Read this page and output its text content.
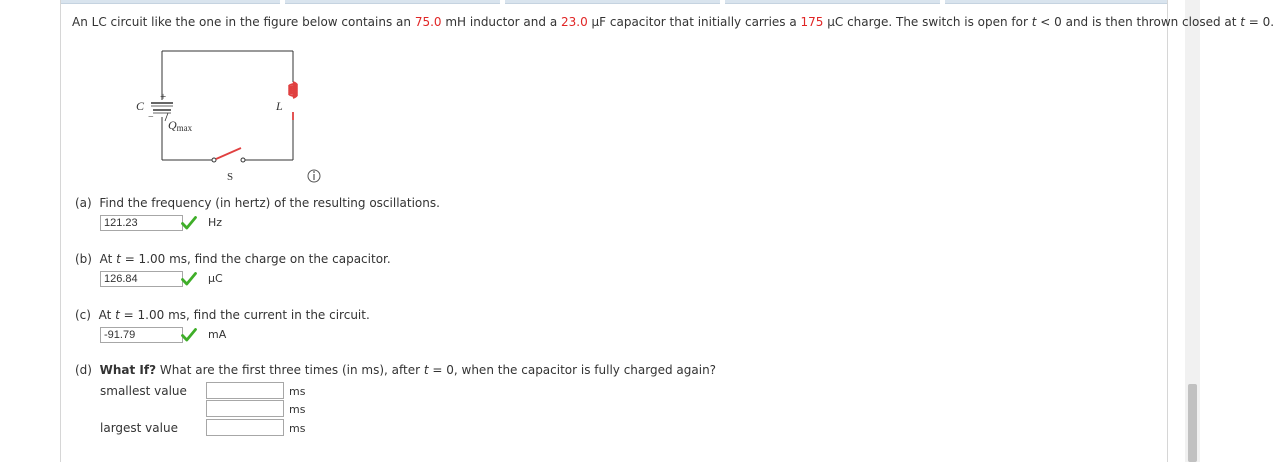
An LC circuit like the one in the figure below contains an 75.0 mH inductor and a 23.0 μF capacitor that initially carries a 175 μC charge. The switch is open for t < 0 and is then thrown closed at t = 0.
+
−
C	L
Qmax
S
(a) Find the frequency (in hertz) of the resulting oscillations.
121.23	Hz
(b) At t = 1.00 ms, find the charge on the capacitor.
126.84	μC
(c) At t = 1.00 ms, find the current in the circuit.
-91.79	mA
(d) What If? What are the first three times (in ms), after t = 0, when the capacitor is fully charged again?
smallest value	ms
ms
largest value	ms
